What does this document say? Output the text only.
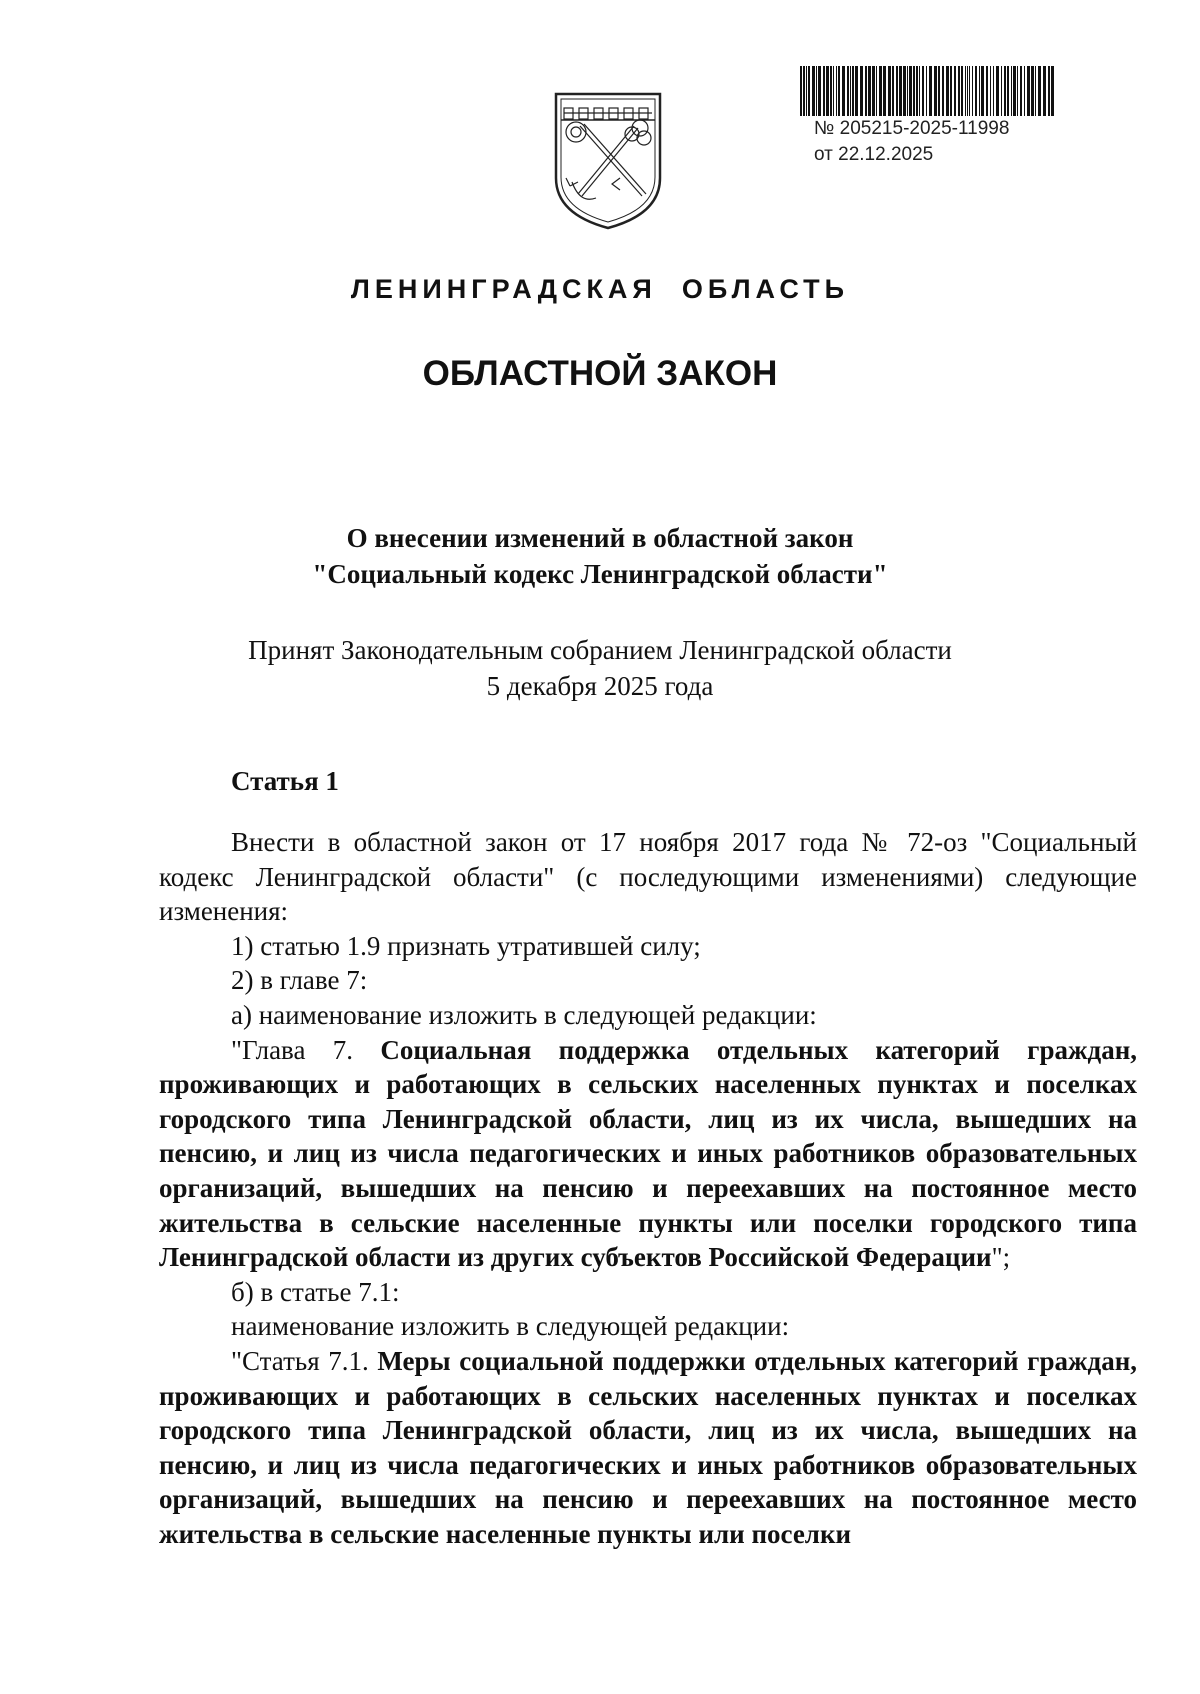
№ 205215-2025-11998
от 22.12.2025
ЛЕНИНГРАДСКАЯ  ОБЛАСТЬ
ОБЛАСТНОЙ ЗАКОН
О внесении изменений в областной закон
"Социальный кодекс Ленинградской области"
Принят Законодательным собранием Ленинградской области
5 декабря 2025 года
Статья 1

Внести в областной закон от 17 ноября 2017 года № 72-оз "Социальный кодекс Ленинградской области" (с последующими изменениями) следующие изменения:

1) статью 1.9 признать утратившей силу;

2) в главе 7:

а) наименование изложить в следующей редакции:

"Глава 7. Социальная поддержка отдельных категорий граждан, проживающих и работающих в сельских населенных пунктах и поселках городского типа Ленинградской области, лиц из их числа, вышедших на пенсию, и лиц из числа педагогических и иных работников образовательных организаций, вышедших на пенсию и переехавших на постоянное место жительства в сельские населенные пункты или поселки городского типа Ленинградской области из других субъектов Российской Федерации";

б) в статье 7.1:

наименование изложить в следующей редакции:

"Статья 7.1. Меры социальной поддержки отдельных категорий граждан, проживающих и работающих в сельских населенных пунктах и поселках городского типа Ленинградской области, лиц из их числа, вышедших на пенсию, и лиц из числа педагогических и иных работников образовательных организаций, вышедших на пенсию и переехавших на постоянное место жительства в сельские населенные пункты или поселки
